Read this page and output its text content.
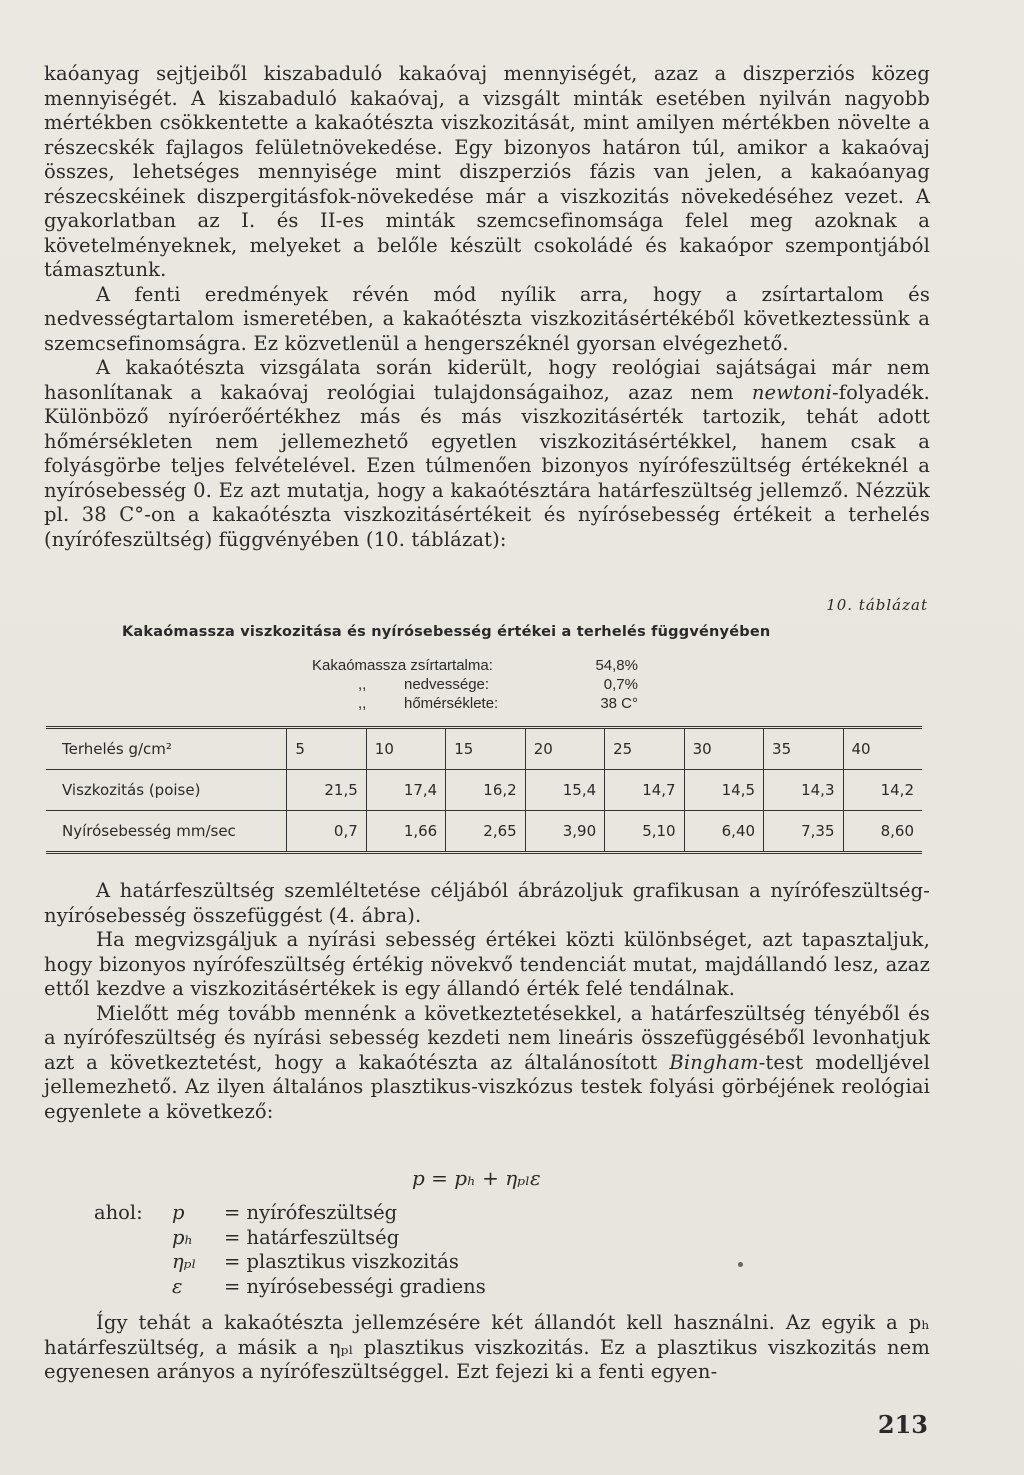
kaóanyag sejtjeiből kiszabaduló kakaóvaj mennyiségét, azaz a diszperziós közeg mennyiségét. A kiszabaduló kakaóvaj, a vizsgált minták esetében nyilván nagyobb mértékben csökkentette a kakaótészta viszkozitását, mint amilyen mértékben növelte a részecskék fajlagos felületnövekedése. Egy bizonyos határon túl, amikor a kakaóvaj összes, lehetséges mennyisége mint diszperziós fázis van jelen, a kakaóanyag részecskéinek diszpergitásfok-növekedése már a viszkozitás növekedéséhez vezet. A gyakorlatban az I. és II-es minták szemcsefinomsága felel meg azoknak a követelményeknek, melyeket a belőle készült csokoládé és kakaópor szempontjából támasztunk.

A fenti eredmények révén mód nyílik arra, hogy a zsírtartalom és nedvességtartalom ismeretében, a kakaótészta viszkozitásértékéből következtessünk a szemcsefinomságra. Ez közvetlenül a hengerszéknél gyorsan elvégezhető.

A kakaótészta vizsgálata során kiderült, hogy reológiai sajátságai már nem hasonlítanak a kakaóvaj reológiai tulajdonságaihoz, azaz nem newtoni-folyadék. Különböző nyíróerőértékhez más és más viszkozitásérték tartozik, tehát adott hőmérsékleten nem jellemezhető egyetlen viszkozitásértékkel, hanem csak a folyásgörbe teljes felvételével. Ezen túlmenően bizonyos nyírófeszültség értékeknél a nyírósebesség 0. Ez azt mutatja, hogy a kakaótésztára határfeszültség jellemző. Nézzük pl. 38 C°-on a kakaótészta viszkozitásértékeit és nyírósebesség értékeit a terhelés (nyírófeszültség) függvényében (10. táblázat):

10. táblázat
Kakaómassza viszkozitása és nyírósebesség értékei a terhelés függvényében
Kakaómassza zsírtartalma:	54,8%
,,	nedvessége:	0,7%
,,	hőmérséklete:	38 C°
Terhelés g/cm²	5	10	15	20	25	30	35	40
Viszkozitás (poise)	21,5	17,4	16,2	15,4	14,7	14,5	14,3	14,2
Nyírósebesség mm/sec	0,7	1,66	2,65	3,90	5,10	6,40	7,35	8,60

A határfeszültség szemléltetése céljából ábrázoljuk grafikusan a nyírófeszültség- nyírósebesség összefüggést (4. ábra).

Ha megvizsgáljuk a nyírási sebesség értékei közti különbséget, azt tapasztaljuk, hogy bizonyos nyírófeszültség értékig növekvő tendenciát mutat, majdállandó lesz, azaz ettől kezdve a viszkozitásértékek is egy állandó érték felé tendálnak.

Mielőtt még tovább mennénk a következtetésekkel, a határfeszültség tényéből és a nyírófeszültség és nyírási sebesség kezdeti nem lineáris összefüggéséből levonhatjuk azt a következtetést, hogy a kakaótészta az általánosított Bingham-test modelljével jellemezhető. Az ilyen általános plasztikus-viszkózus testek folyási görbéjének reológiai egyenlete a következő:

p = pₕ + ηₚₗε
ahol:	p	= nyírófeszültség
pₕ	= határfeszültség
ηₚₗ	= plasztikus viszkozitás
ε	= nyírósebességi gradiens

Így tehát a kakaótészta jellemzésére két állandót kell használni. Az egyik a pₕ határfeszültség, a másik a ηₚₗ plasztikus viszkozitás. Ez a plasztikus viszkozitás nem egyenesen arányos a nyírófeszültséggel. Ezt fejezi ki a fenti egyen-

213
